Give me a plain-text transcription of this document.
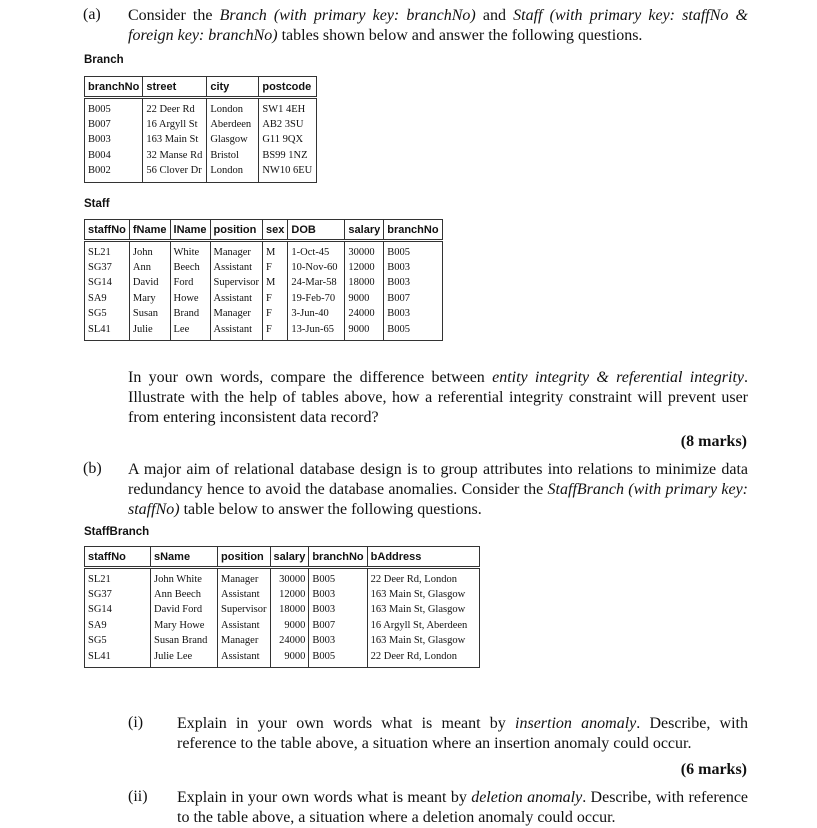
(a) Consider the Branch (with primary key: branchNo) and Staff (with primary key: staffNo & foreign key: branchNo) tables shown below and answer the following questions.
Branch
branchNo	street	city	postcode
B005	22 Deer Rd	London	SW1 4EH
B007	16 Argyll St	Aberdeen	AB2 3SU
B003	163 Main St	Glasgow	G11 9QX
B004	32 Manse Rd	Bristol	BS99 1NZ
B002	56 Clover Dr	London	NW10 6EU
Staff
staffNo	fName	lName	position	sex	DOB	salary	branchNo
SL21	John	White	Manager	M	1-Oct-45	30000	B005
SG37	Ann	Beech	Assistant	F	10-Nov-60	12000	B003
SG14	David	Ford	Supervisor	M	24-Mar-58	18000	B003
SA9	Mary	Howe	Assistant	F	19-Feb-70	9000	B007
SG5	Susan	Brand	Manager	F	3-Jun-40	24000	B003
SL41	Julie	Lee	Assistant	F	13-Jun-65	9000	B005
In your own words, compare the difference between entity integrity & referential integrity. Illustrate with the help of tables above, how a referential integrity constraint will prevent user from entering inconsistent data record?
(8 marks)
(b) A major aim of relational database design is to group attributes into relations to minimize data redundancy hence to avoid the database anomalies. Consider the StaffBranch (with primary key: staffNo) table below to answer the following questions.
StaffBranch
staffNo	sName	position	salary	branchNo	bAddress
SL21	John White	Manager	30000	B005	22 Deer Rd, London
SG37	Ann Beech	Assistant	12000	B003	163 Main St, Glasgow
SG14	David Ford	Supervisor	18000	B003	163 Main St, Glasgow
SA9	Mary Howe	Assistant	9000	B007	16 Argyll St, Aberdeen
SG5	Susan Brand	Manager	24000	B003	163 Main St, Glasgow
SL41	Julie Lee	Assistant	9000	B005	22 Deer Rd, London
(i) Explain in your own words what is meant by insertion anomaly. Describe, with reference to the table above, a situation where an insertion anomaly could occur.
(6 marks)
(ii) Explain in your own words what is meant by deletion anomaly. Describe, with reference to the table above, a situation where a deletion anomaly could occur.
